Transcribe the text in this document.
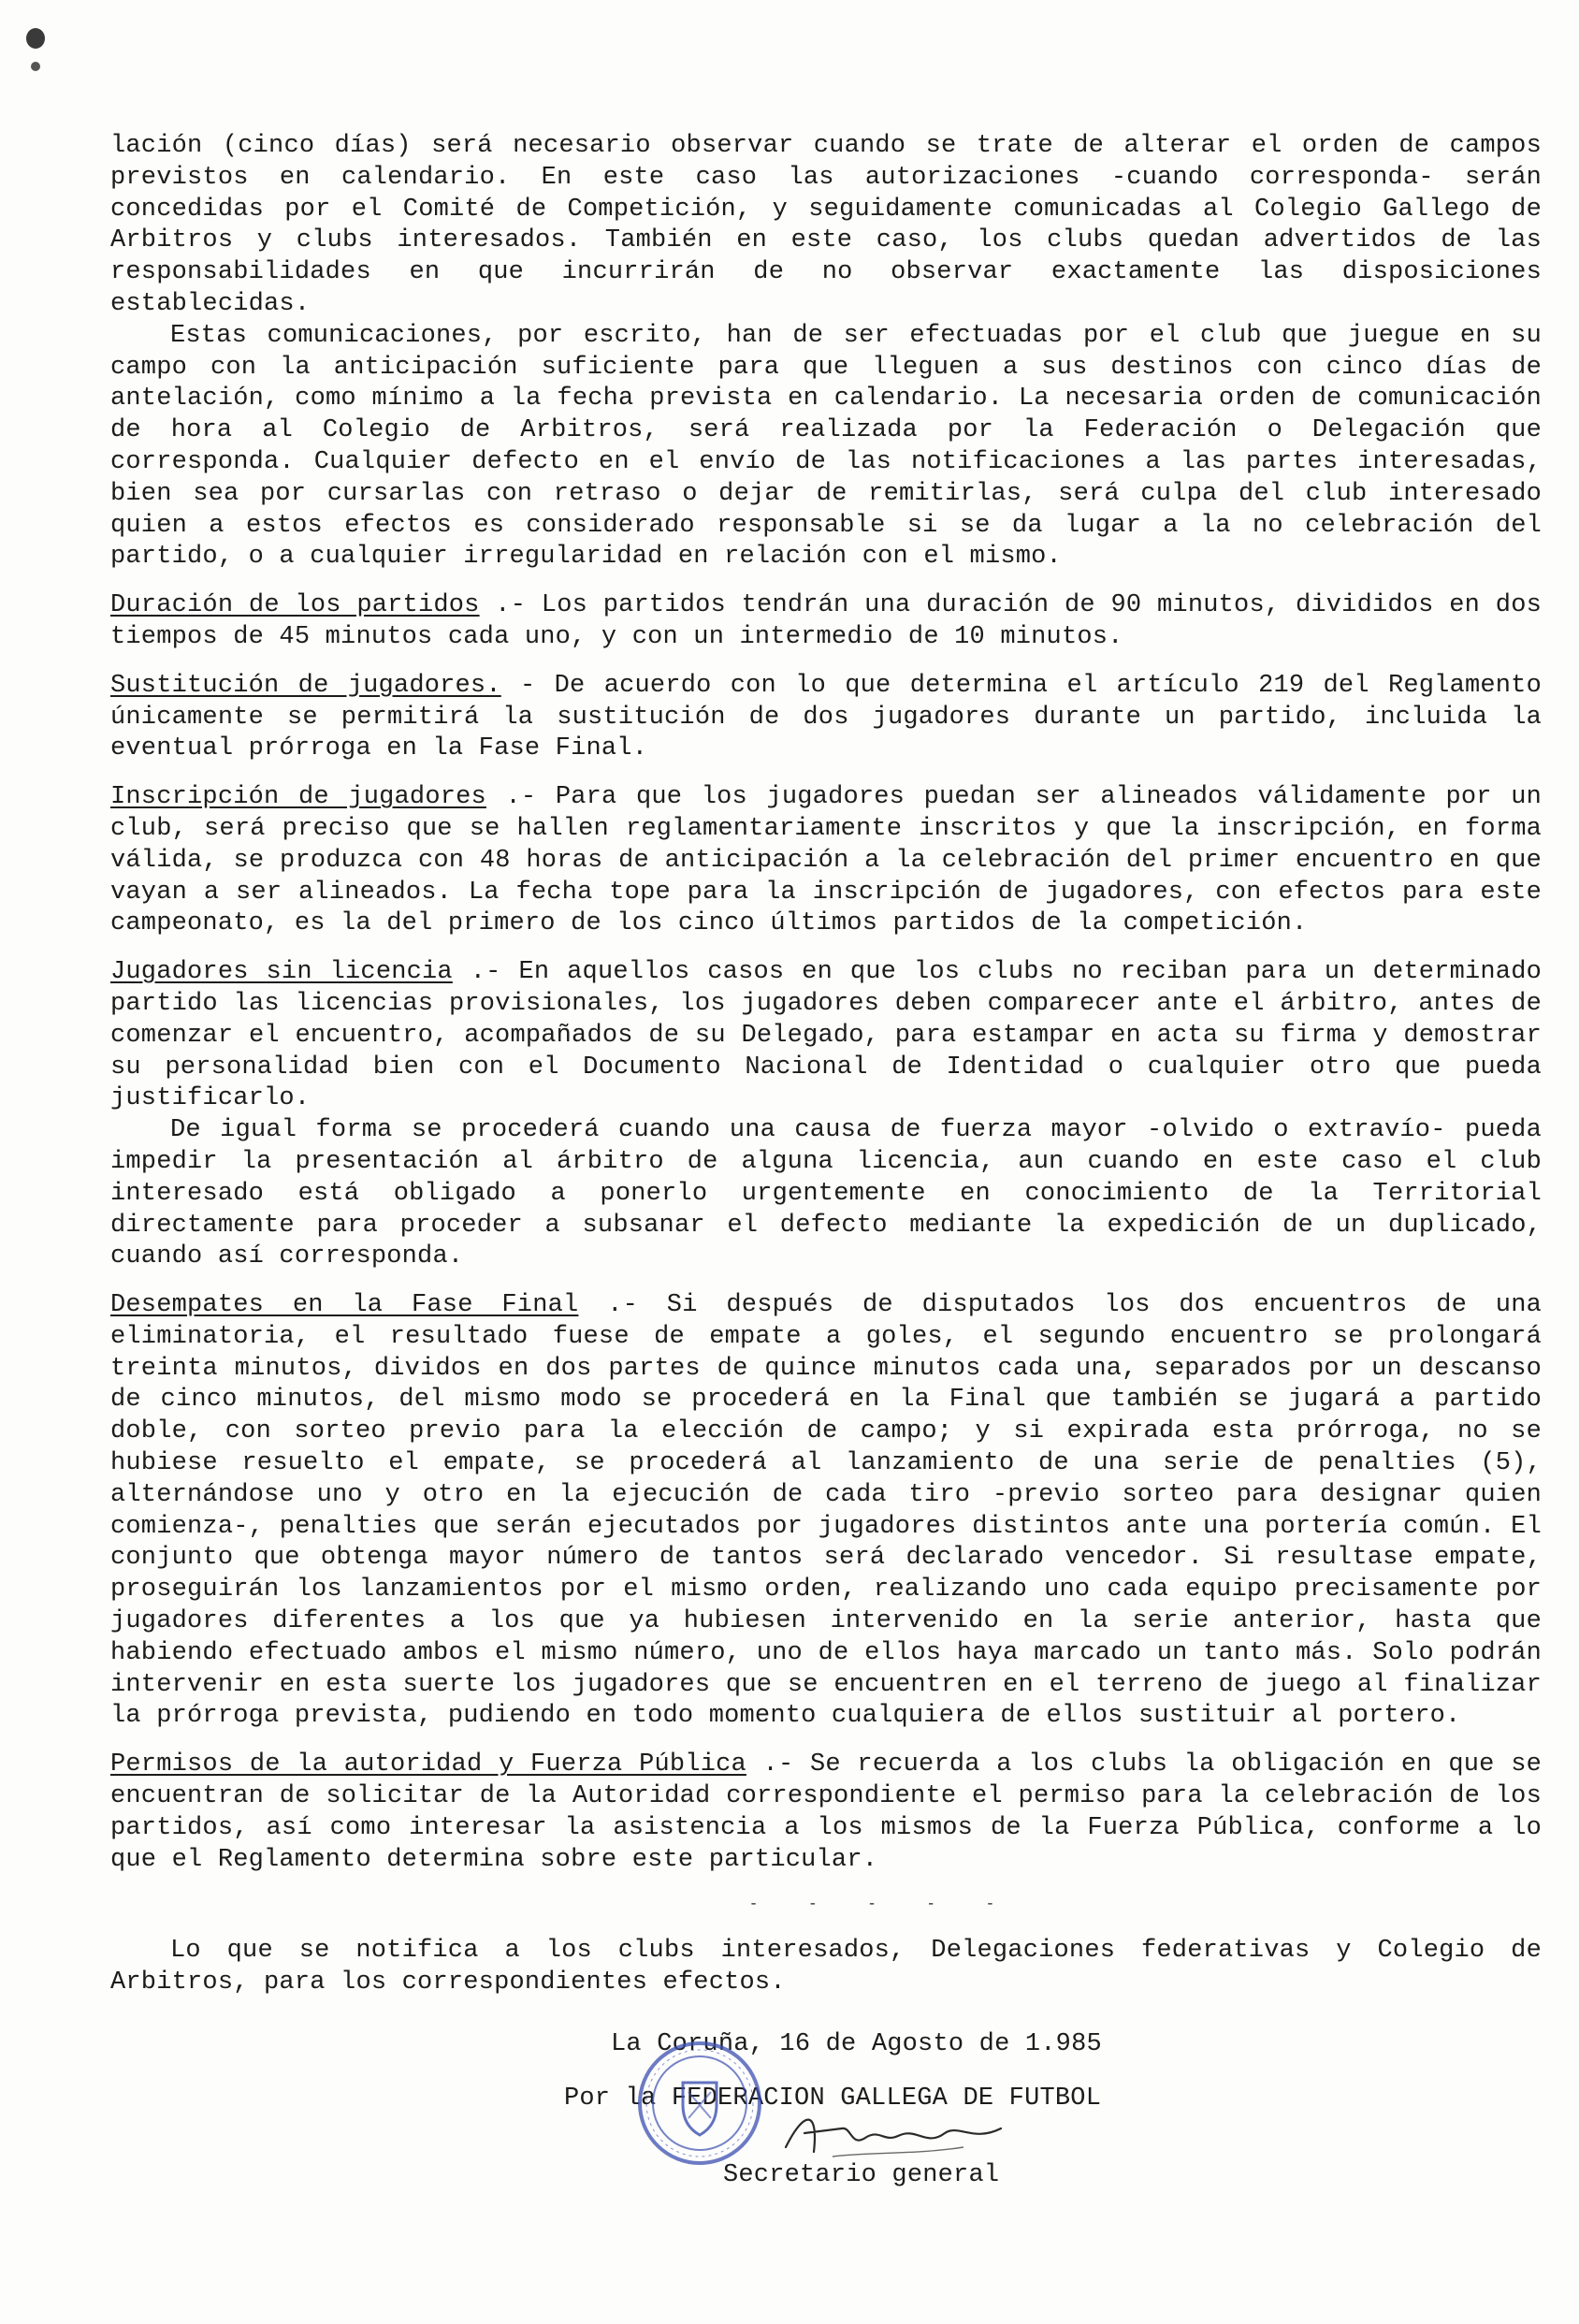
lación (cinco días) será necesario observar cuando se trate de alterar el orden de campos previstos en calendario. En este caso las autorizaciones -cuando corresponda- serán concedidas por el Comité de Competición, y seguidamente comunicadas al Colegio Gallego de Arbitros y clubs interesados. También en este caso, los clubs quedan advertidos de las responsabilidades en que incurrirán de no observar exactamente las disposiciones establecidas.

Estas comunicaciones, por escrito, han de ser efectuadas por el club que juegue en su campo con la anticipación suficiente para que lleguen a sus destinos con cinco días de antelación, como mínimo a la fecha prevista en calendario. La necesaria orden de comunicación de hora al Colegio de Arbitros, será realizada por la Federación o Delegación que corresponda. Cualquier defecto en el envío de las notificaciones a las partes interesadas, bien sea por cursarlas con retraso o dejar de remitirlas, será culpa del club interesado quien a estos efectos es considerado responsable si se da lugar a la no celebración del partido, o a cualquier irregularidad en relación con el mismo.

Duración de los partidos .- Los partidos tendrán una duración de 90 minutos, divididos en dos tiempos de 45 minutos cada uno, y con un intermedio de 10 minutos.

Sustitución de jugadores. - De acuerdo con lo que determina el artículo 219 del Reglamento únicamente se permitirá la sustitución de dos jugadores durante un partido, incluida la eventual prórroga en la Fase Final.

Inscripción de jugadores .- Para que los jugadores puedan ser alineados válidamente por un club, será preciso que se hallen reglamentariamente inscritos y que la inscripción, en forma válida, se produzca con 48 horas de anticipación a la celebración del primer encuentro en que vayan a ser alineados. La fecha tope para la inscripción de jugadores, con efectos para este campeonato, es la del primero de los cinco últimos partidos de la competición.

Jugadores sin licencia .- En aquellos casos en que los clubs no reciban para un determinado partido las licencias provisionales, los jugadores deben comparecer ante el árbitro, antes de comenzar el encuentro, acompañados de su Delegado, para estampar en acta su firma y demostrar su personalidad bien con el Documento Nacional de Identidad o cualquier otro que pueda justificarlo.

De igual forma se procederá cuando una causa de fuerza mayor -olvido o extravío- pueda impedir la presentación al árbitro de alguna licencia, aun cuando en este caso el club interesado está obligado a ponerlo urgentemente en conocimiento de la Territorial directamente para proceder a subsanar el defecto mediante la expedición de un duplicado, cuando así corresponda.

Desempates en la Fase Final .- Si después de disputados los dos encuentros de una eliminatoria, el resultado fuese de empate a goles, el segundo encuentro se prolongará treinta minutos, dividos en dos partes de quince minutos cada una, separados por un descanso de cinco minutos, del mismo modo se procederá en la Final que también se jugará a partido doble, con sorteo previo para la elección de campo; y si expirada esta prórroga, no se hubiese resuelto el empate, se procederá al lanzamiento de una serie de penalties (5), alternándose uno y otro en la ejecución de cada tiro -previo sorteo para designar quien comienza-, penalties que serán ejecutados por jugadores distintos ante una portería común. El conjunto que obtenga mayor número de tantos será declarado vencedor. Si resultase empate, proseguirán los lanzamientos por el mismo orden, realizando uno cada equipo precisamente por jugadores diferentes a los que ya hubiesen intervenido en la serie anterior, hasta que habiendo efectuado ambos el mismo número, uno de ellos haya marcado un tanto más. Solo podrán intervenir en esta suerte los jugadores que se encuentren en el terreno de juego al finalizar la prórroga prevista, pudiendo en todo momento cualquiera de ellos sustituir al portero.

Permisos de la autoridad y Fuerza Pública .- Se recuerda a los clubs la obligación en que se encuentran de solicitar de la Autoridad correspondiente el permiso para la celebración de los partidos, así como interesar la asistencia a los mismos de la Fuerza Pública, conforme a lo que el Reglamento determina sobre este particular.

- - - - -

Lo que se notifica a los clubs interesados, Delegaciones federativas y Colegio de Arbitros, para los correspondientes efectos.

La Coruña, 16 de Agosto de 1.985

Por la FEDERACION GALLEGA DE FUTBOL

Secretario general
